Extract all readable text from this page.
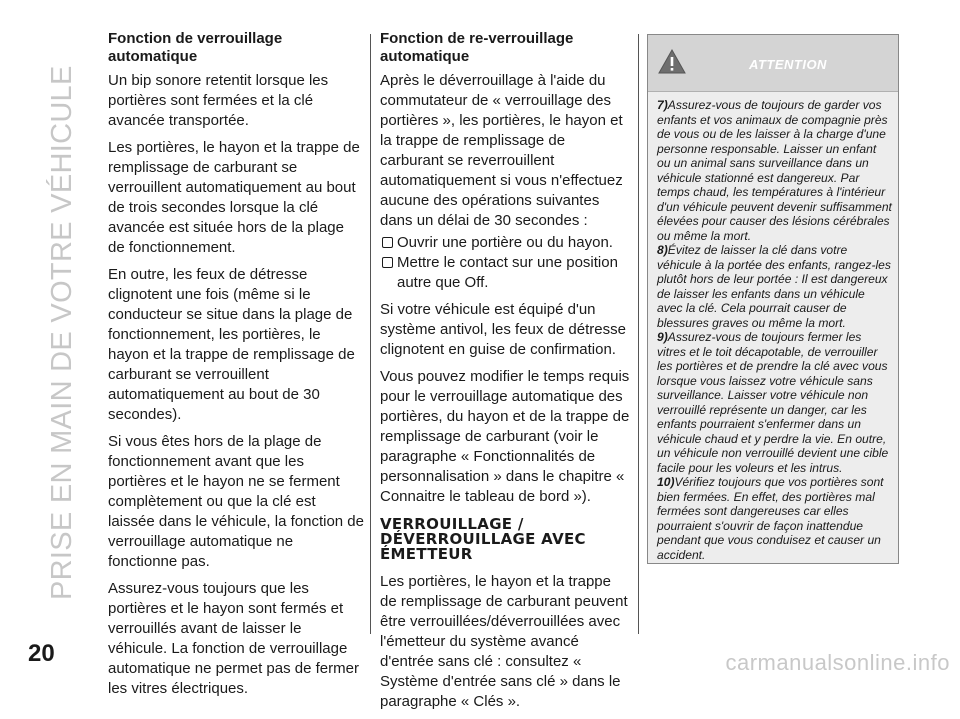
PRISE EN MAIN DE VOTRE VÉHICULE
Fonction de verrouillage automatique

Un bip sonore retentit lorsque les portières sont fermées et la clé avancée transportée.

Les portières, le hayon et la trappe de remplissage de carburant se verrouillent automatiquement au bout de trois secondes lorsque la clé avancée est située hors de la plage de fonctionnement.

En outre, les feux de détresse clignotent une fois (même si le conducteur se situe dans la plage de fonctionnement, les portières, le hayon et la trappe de remplissage de carburant se verrouillent automatiquement au bout de 30 secondes).

Si vous êtes hors de la plage de fonctionnement avant que les portières et le hayon ne se ferment complètement ou que la clé est laissée dans le véhicule, la fonction de verrouillage automatique ne fonctionne pas.

Assurez-vous toujours que les portières et le hayon sont fermés et verrouillés avant de laisser le véhicule. La fonction de verrouillage automatique ne permet pas de fermer les vitres électriques.

Fonction de re-verrouillage automatique

Après le déverrouillage à l'aide du commutateur de « verrouillage des portières », les portières, le hayon et la trappe de remplissage de carburant se reverrouillent automatiquement si vous n'effectuez aucune des opérations suivantes dans un délai de 30 secondes :

Ouvrir une portière ou du hayon.
Mettre le contact sur une position autre que Off.

Si votre véhicule est équipé d'un système antivol, les feux de détresse clignotent en guise de confirmation.

Vous pouvez modifier le temps requis pour le verrouillage automatique des portières, du hayon et de la trappe de remplissage de carburant (voir le paragraphe « Fonctionnalités de personnalisation » dans le chapitre « Connaitre le tableau de bord »).

VERROUILLAGE / DÉVERROUILLAGE AVEC ÉMETTEUR

Les portières, le hayon et la trappe de remplissage de carburant peuvent être verrouillées/déverrouillées avec l'émetteur du système avancé d'entrée sans clé : consultez « Système d'entrée sans clé » dans le paragraphe « Clés ».

ATTENTION

7)Assurez-vous de toujours de garder vos enfants et vos animaux de compagnie près de vous ou de les laisser à la charge d'une personne responsable. Laisser un enfant ou un animal sans surveillance dans un véhicule stationné est dangereux. Par temps chaud, les températures à l'intérieur d'un véhicule peuvent devenir suffisamment élevées pour causer des lésions cérébrales ou même la mort.

8)Évitez de laisser la clé dans votre véhicule à la portée des enfants, rangez-les plutôt hors de leur portée : Il est dangereux de laisser les enfants dans un véhicule avec la clé. Cela pourrait causer de blessures graves ou même la mort.

9)Assurez-vous de toujours fermer les vitres et le toit décapotable, de verrouiller les portières et de prendre la clé avec vous lorsque vous laissez votre véhicule sans surveillance. Laisser votre véhicule non verrouillé représente un danger, car les enfants pourraient s'enfermer dans un véhicule chaud et y perdre la vie. En outre, un véhicule non verrouillé devient une cible facile pour les voleurs et les intrus.

10)Vérifiez toujours que vos portières sont bien fermées. En effet, des portières mal fermées sont dangereuses car elles pourraient s'ouvrir de façon inattendue pendant que vous conduisez et causer un accident.

20	carmanualsonline.info
